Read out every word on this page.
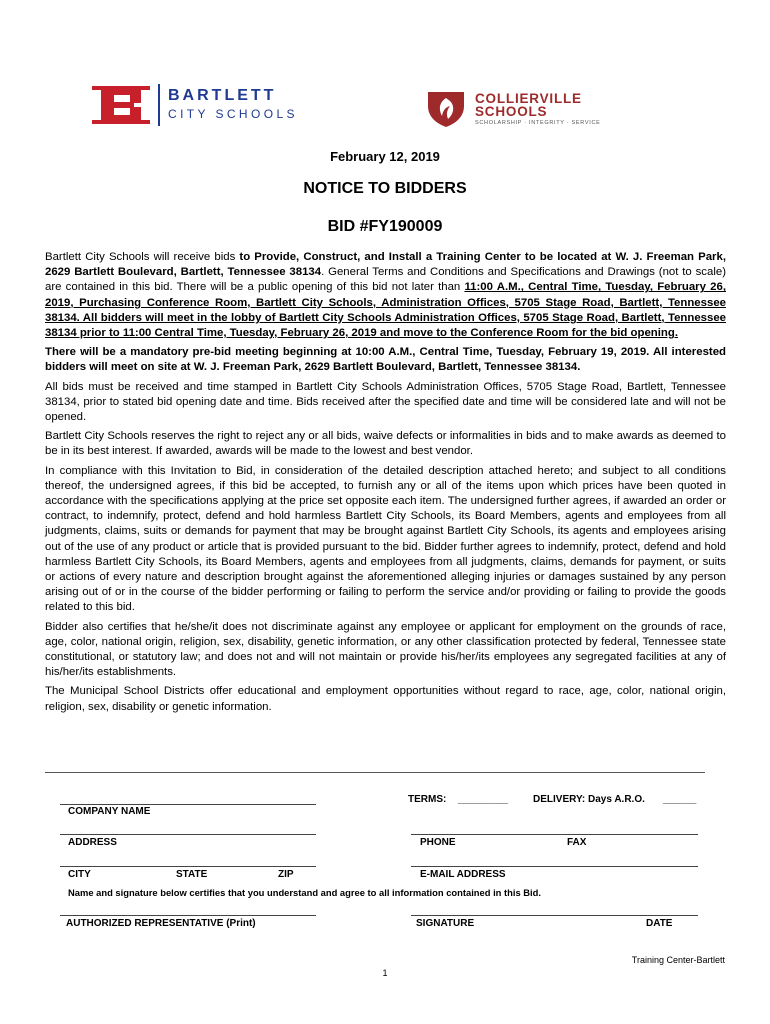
BARTLETT
CITY SCHOOLS
COLLIERVILLE
SCHOOLS
SCHOLARSHIP · INTEGRITY · SERVICE
February 12, 2019
NOTICE TO BIDDERS
BID #FY190009

Bartlett City Schools will receive bids to Provide, Construct, and Install a Training Center to be located at W. J. Freeman Park, 2629 Bartlett Boulevard, Bartlett, Tennessee 38134. General Terms and Conditions and Specifications and Drawings (not to scale) are contained in this bid. There will be a public opening of this bid not later than 11:00 A.M., Central Time, Tuesday, February 26, 2019, Purchasing Conference Room, Bartlett City Schools, Administration Offices, 5705 Stage Road, Bartlett, Tennessee 38134. All bidders will meet in the lobby of Bartlett City Schools Administration Offices, 5705 Stage Road, Bartlett, Tennessee 38134 prior to 11:00 Central Time, Tuesday, February 26, 2019 and move to the Conference Room for the bid opening.

There will be a mandatory pre-bid meeting beginning at 10:00 A.M., Central Time, Tuesday, February 19, 2019. All interested bidders will meet on site at W. J. Freeman Park, 2629 Bartlett Boulevard, Bartlett, Tennessee 38134.

All bids must be received and time stamped in Bartlett City Schools Administration Offices, 5705 Stage Road, Bartlett, Tennessee 38134, prior to stated bid opening date and time. Bids received after the specified date and time will be considered late and will not be opened.

Bartlett City Schools reserves the right to reject any or all bids, waive defects or informalities in bids and to make awards as deemed to be in its best interest. If awarded, awards will be made to the lowest and best vendor.

In compliance with this Invitation to Bid, in consideration of the detailed description attached hereto; and subject to all conditions thereof, the undersigned agrees, if this bid be accepted, to furnish any or all of the items upon which prices have been quoted in accordance with the specifications applying at the price set opposite each item. The undersigned further agrees, if awarded an order or contract, to indemnify, protect, defend and hold harmless Bartlett City Schools, its Board Members, agents and employees from all judgments, claims, suits or demands for payment that may be brought against Bartlett City Schools, its agents and employees arising out of the use of any product or article that is provided pursuant to the bid. Bidder further agrees to indemnify, protect, defend and hold harmless Bartlett City Schools, its Board Members, agents and employees from all judgments, claims, demands for payment, or suits or actions of every nature and description brought against the aforementioned alleging injuries or damages sustained by any person arising out of or in the course of the bidder performing or failing to perform the service and/or providing or failing to provide the goods related to this bid.

Bidder also certifies that he/she/it does not discriminate against any employee or applicant for employment on the grounds of race, age, color, national origin, religion, sex, disability, genetic information, or any other classification protected by federal, Tennessee state constitutional, or statutory law; and does not and will not maintain or provide his/her/its employees any segregated facilities at any of his/her/its establishments.

The Municipal School Districts offer educational and employment opportunities without regard to race, age, color, national origin, religion, sex, disability or genetic information.

TERMS: _________ DELIVERY: Days A.R.O. ______
COMPANY NAME
ADDRESS	PHONE	FAX
CITY	STATE	ZIP	E-MAIL ADDRESS
Name and signature below certifies that you understand and agree to all information contained in this Bid.
AUTHORIZED REPRESENTATIVE (Print)	SIGNATURE	DATE
Training Center-Bartlett
1
